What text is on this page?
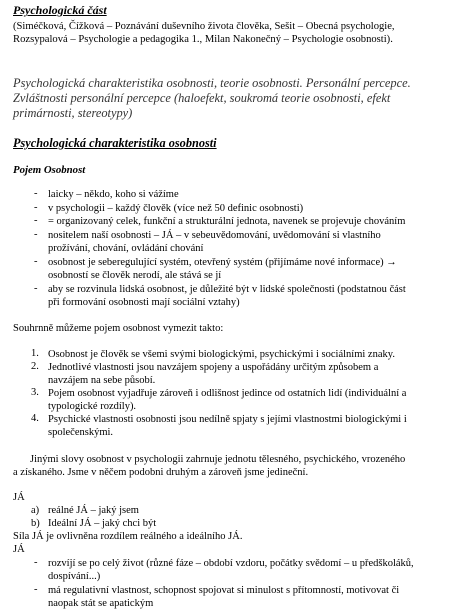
Psychologická část
(Siméčková, Čížková – Poznávání duševního života člověka, Sešit – Obecná psychologie,
Rozsypalová – Psychologie a pedagogika 1., Milan Nakonečný – Psychologie osobnosti).
Psychologická charakteristika osobnosti, teorie osobnosti. Personální percepce.
Zvláštnosti personální percepce (haloefekt, soukromá teorie osobnosti, efekt
primárnosti, stereotypy)
Psychologická charakteristika osobnosti
Pojem Osobnost
- laicky – někdo, koho si vážíme
- v psychologii – každý člověk (více než 50 definic osobnosti)
- = organizovaný celek, funkční a strukturální jednota, navenek se projevuje chováním
- nositelem naší osobnosti – JÁ – v sebeuvědomování, uvědomování si vlastního
prožívání, chování, ovládání chování
- osobnost je seberegulující systém, otevřený systém (přijímáme nové informace) →
osobností se člověk nerodí, ale stává se jí
- aby se rozvinula lidská osobnost, je důležité být v lidské společnosti (podstatnou část
při formování osobnosti mají sociální vztahy)
Souhrnně můžeme pojem osobnost vymezit takto:
1. Osobnost je člověk se všemi svými biologickými, psychickými i sociálními znaky.
2. Jednotlivé vlastnosti jsou navzájem spojeny a uspořádány určitým způsobem a
navzájem na sebe působí.
3. Pojem osobnost vyjadřuje zároveň i odlišnost jedince od ostatních lidí (individuální a
typologické rozdíly).
4. Psychické vlastnosti osobnosti jsou nedílně spjaty s jejími vlastnostmi biologickými i
společenskými.
Jinými slovy osobnost v psychologii zahrnuje jednotu tělesného, psychického, vrozeného
a získaného. Jsme v něčem podobni druhým a zároveň jsme jedineční.
JÁ
a) reálné JÁ – jaký jsem
b) Ideální JÁ – jaký chci být
Síla JÁ je ovlivněna rozdílem reálného a ideálního JÁ.
JÁ
- rozvíjí se po celý život (různé fáze – období vzdoru, počátky svědomí – u předškoláků,
dospívání...)
- má regulativní vlastnost, schopnost spojovat si minulost s přítomností, motivovat či
naopak stát se apatickým
